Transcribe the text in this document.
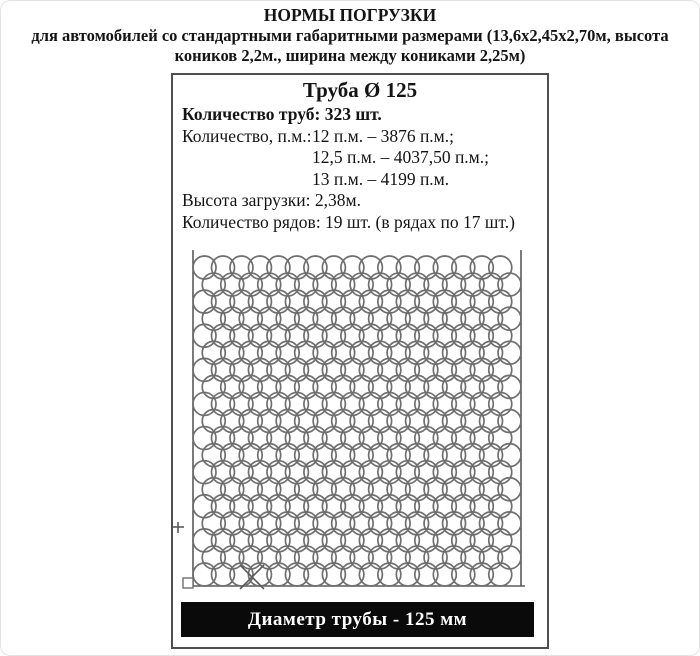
НОРМЫ ПОГРУЗКИ
для автомобилей со стандартными габаритными размерами (13,6х2,45х2,70м, высота
коников 2,2м., ширина между кониками 2,25м)
Труба Ø 125
Количество труб: 323 шт.
Количество, п.м.:12 п.м. – 3876 п.м.;
12,5 п.м. – 4037,50 п.м.;
13 п.м. – 4199 п.м.
Высота загрузки: 2,38м.
Количество рядов: 19 шт. (в рядах по 17 шт.)
Диаметр трубы - 125 мм
